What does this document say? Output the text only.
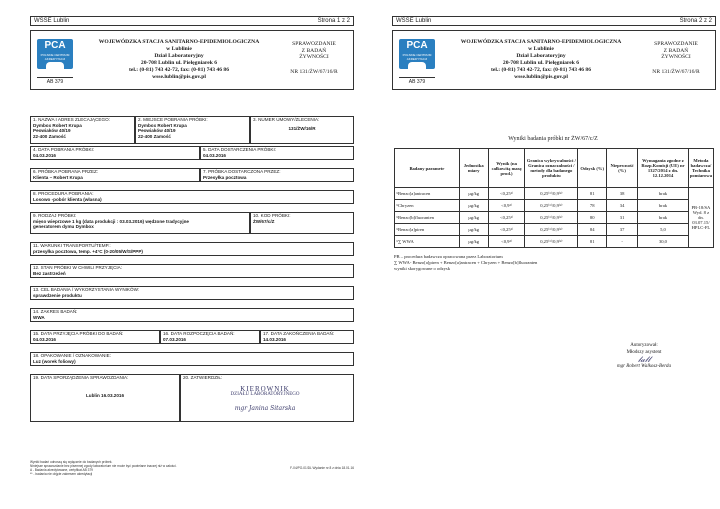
WSSE Lublin	Strona 1 z 2
PCA
POLSKIE CENTRUM AKREDYTACJI
BADANIA
AB 379
WOJEWÓDZKA STACJA SANITARNO-EPIDEMIOLOGICZNA
w Lublinie
Dział Laboratoryjny
20-708 Lublin ul. Pielęgniarek 6
tel.: (0-81) 743 42-72, fax: (0-81) 743 46 86
wsse.lublin@pis.gov.pl
SPRAWOZDANIE
Z BADAŃ
ŻYWNOŚCI
NR 131/ŻW/67/16/R
1. NAZWA I ADRES ZLECAJĄCEGO:
Dymbox Robert Krupa
Peowiaków 40/19
22-400 Zamość
2. MIEJSCE POBRANIA PRÓBKI:
Dymbox Robert Krupa
Peowiaków 40/19
22-400 Zamość
3. NUMER UMOWY/ZLECENIA:
131/ŻW/16/R
4. DATA POBRANIA PRÓBKI:
04.03.2016
5. DATA DOSTARCZENIA PRÓBKI:
04.03.2016
6. PRÓBKA POBRANA PRZEZ:
Klienta – Robert Krupa
7. PRÓBKA DOSTARCZONA PRZEZ:
Przesyłka pocztowa
8. PROCEDURA POBRANIA:
Losowo -pobór klienta (własna)
9. RODZAJ PRÓBKI:
mięso wieprzowe 1 kg (data produkcji : 03.03.2016) wędzone tradycyjne
generatorem dymu Dymbox
10. KOD PRÓBKI:
ŻW/67/c/Z
11. WARUNKI TRANSPORTU/TEMP.:
przesyłka pocztowa, temp. +4°C (0-20/05/W/S/PPP)
12. STAN PRÓBKI W CHWILI PRZYJĘCIA:
Bez zastrzeżeń
13. CEL BADANIA / WYKORZYSTANIA WYNIKÓW:
sprawdzenie produktu
14. ZAKRES BADAŃ:
WWA
15. DATA PRZYJĘCIA PRÓBKI DO BADAŃ:
04.03.2016
16. DATA ROZPOCZĘCIA BADAŃ:
07.03.2016
17. DATA ZAKOŃCZENIA BADAŃ:
14.03.2016
18. OPAKOWANIE / OZNAKOWANIE:
Luz (worek foliowy)
19. DATA SPORZĄDZENIA SPRAWOZDANIA:
Lublin 16.03.2016
20. ZATWIERDZIŁ:
KIEROWNIK
DZIAŁU LABORATORYJNEGO
mgr Janina Sitarska
Wyniki badań odnoszą się wyłącznie do badanych próbek.
Niniejsze sprawozdanie bez pisemnej zgody laboratorium nie może być powielane inaczej niż w całości.
A - Badania akredytowane, certyfikat AB 379
** - badania nie objęte zakresem akredytacji
F-04/PO-01/DL Wydanie nr 8 z dnia 18.01.16
WSSE Lublin	Strona 2 z 2
PCA
POLSKIE CENTRUM AKREDYTACJI
BADANIA
AB 379
WOJEWÓDZKA STACJA SANITARNO-EPIDEMIOLOGICZNA
w Lublinie
Dział Laboratoryjny
20-708 Lublin ul. Pielęgniarek 6
tel.: (0-81) 743 42-72, fax: (0-81) 743 46 86
wsse.lublin@pis.gov.pl
SPRAWOZDANIE
Z BADAŃ
ŻYWNOŚCI
NR 131/ŻW/67/16/R
Wyniki badania próbki nr ŻW/67/c/Z
Badany parametr	Jednostka miary	Wynik (na całkowitą masę prod.)	Granica wykrywalności / Granica oznaczalności / metody dla badanego produktu	Odzysk (%)	Niepewność (%)	Wymagania zgodne z Rozp.Komisji (UE) nr 1327/2014 z dn. 12.12.2014	Metoda badawcza/ Technika pomiarowa
ᴬBenzo[a]antracen	µg/kg	<0,25¹⁾	0,25⁽¹⁾/0,9⁽²⁾	81	38	brak	PB-18/SA Wyd. 8 z dn. 03.07.15/ HPLC-FL
ᴬChryzen	µg/kg	<0,9²⁾	0,25⁽¹⁾/0,9⁽²⁾	78	34	brak	
ᴬBenzo[b]fluoranten	µg/kg	<0,25¹⁾	0,25⁽¹⁾/0,9⁽²⁾	80	31	brak	
ᴬBenzo[a]piren	µg/kg	<0,25¹⁾	0,25⁽¹⁾/0,9⁽²⁾	84	37	5,0	
ᴬ∑ WWA	µg/kg	<0,9²⁾	0,25⁽¹⁾/0,9⁽²⁾	81	-	30,0	
PB – procedura badawcza opracowana przez Laboratorium
∑ WWA- Benzo[a]piren + Benzo[a]antracen + Chryzen + Benzo[b]fluoranten
wyniki skorygowane o odzysk
Autoryzował:
Młodszy asystent
𝓁𝒶𝓁𝓁
mgr Robert Walkosz-Berda
